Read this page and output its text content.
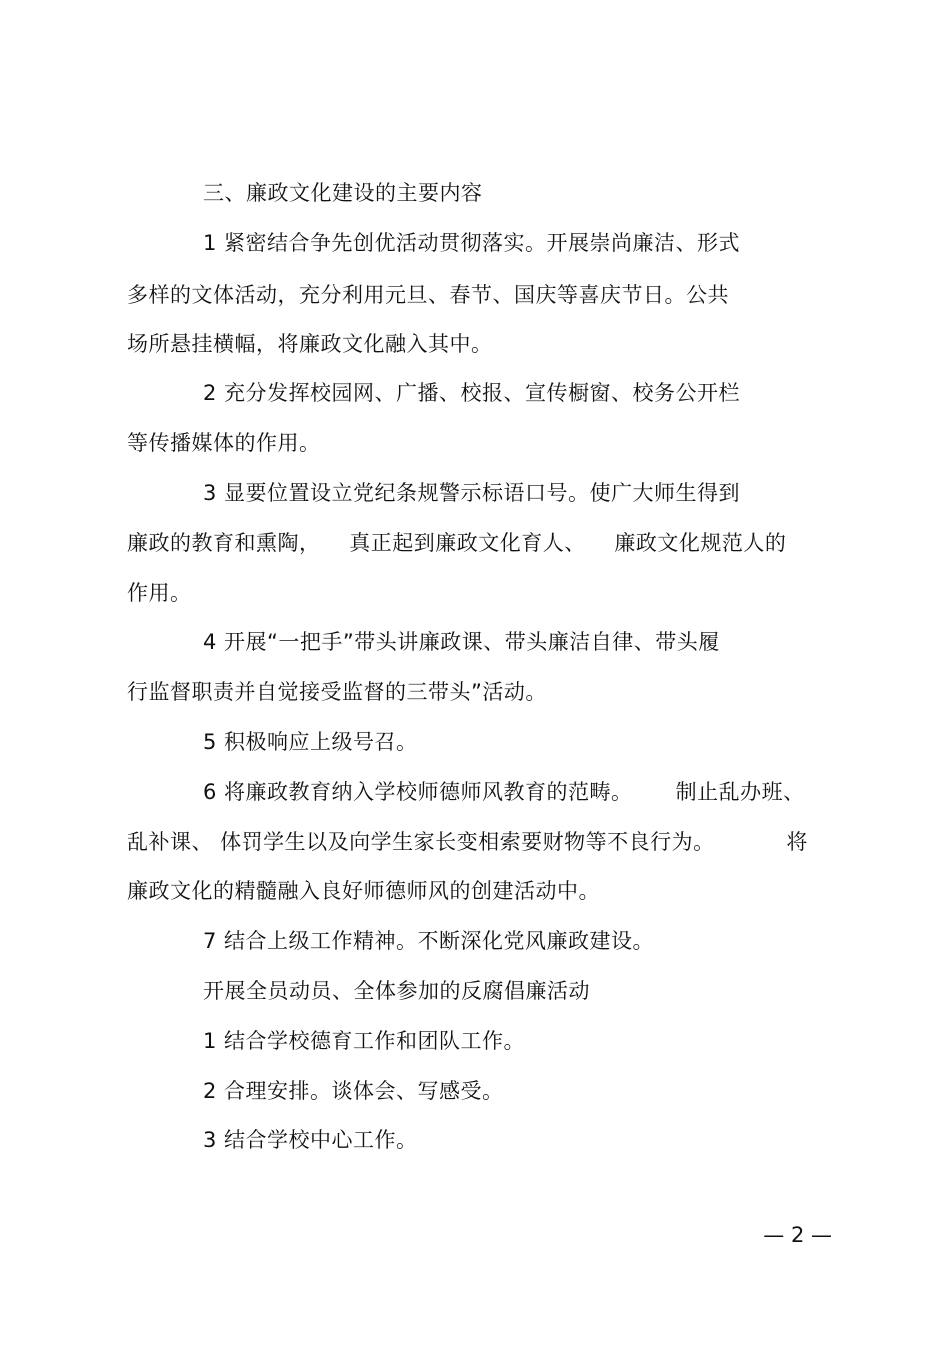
三、廉政文化建设的主要内容
1 紧密结合争先创优活动贯彻落实。开展崇尚廉洁、形式
多样的文体活动，充分利用元旦、春节、国庆等喜庆节日。公共
场所悬挂横幅，将廉政文化融入其中。
2 充分发挥校园网、广播、校报、宣传橱窗、校务公开栏
等传播媒体的作用。
3 显要位置设立党纪条规警示标语口号。使广大师生得到
廉政的教育和熏陶，    真正起到廉政文化育人、    廉政文化规范人的
作用。
4 开展“一把手”带头讲廉政课、带头廉洁自律、带头履
行监督职责并自觉接受监督的三带头”活动。
5 积极响应上级号召。
6 将廉政教育纳入学校师德师风教育的范畴。      制止乱办班、
乱补课、 体罚学生以及向学生家长变相索要财物等不良行为。          将
廉政文化的精髓融入良好师德师风的创建活动中。
7 结合上级工作精神。不断深化党风廉政建设。
开展全员动员、全体参加的反腐倡廉活动
1 结合学校德育工作和团队工作。
2 合理安排。谈体会、写感受。
3 结合学校中心工作。
— 2 —
